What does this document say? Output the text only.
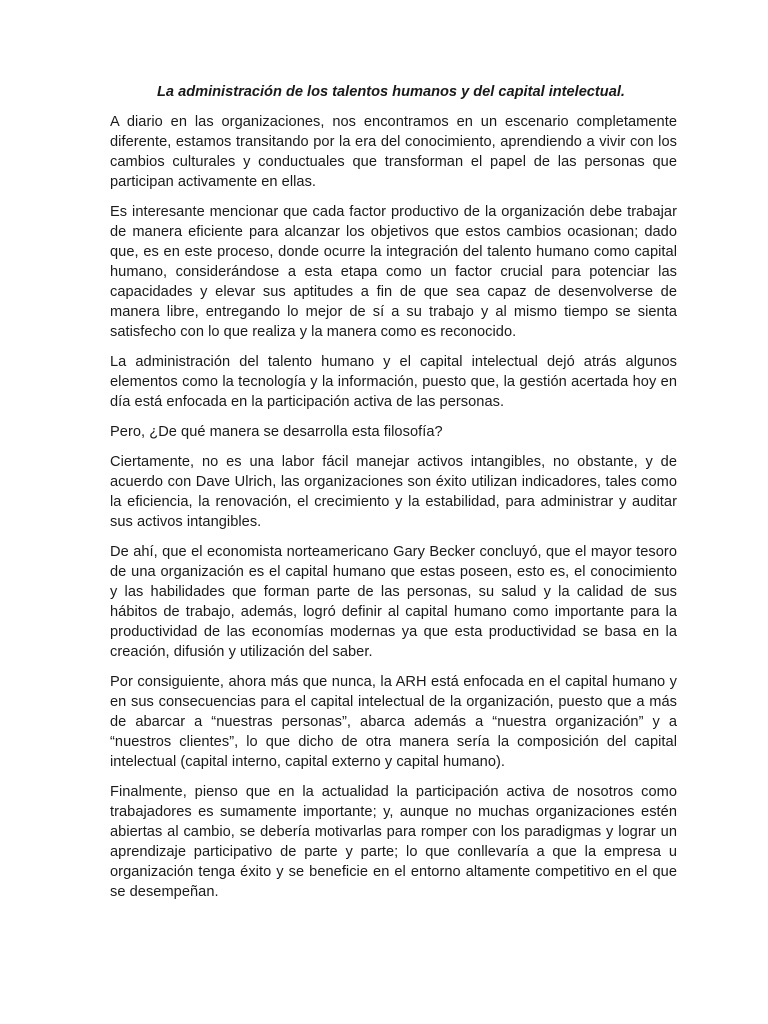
La administración de los talentos humanos y del capital intelectual.

A diario en las organizaciones, nos encontramos en un escenario completamente diferente, estamos transitando por la era del conocimiento, aprendiendo a vivir con los cambios culturales y conductuales que transforman el papel de las personas que participan activamente en ellas.

Es interesante mencionar que cada factor productivo de la organización debe trabajar de manera eficiente para alcanzar los objetivos que estos cambios ocasionan; dado que, es en este proceso, donde ocurre la integración del talento humano como capital humano, considerándose a esta etapa como un factor crucial para potenciar las capacidades y elevar sus aptitudes a fin de que sea capaz de desenvolverse de manera libre, entregando lo mejor de sí a su trabajo y al mismo tiempo se sienta satisfecho con lo que realiza y la manera como es reconocido.

La administración del talento humano y el capital intelectual dejó atrás algunos elementos como la tecnología y la información, puesto que, la gestión acertada hoy en día está enfocada en la participación activa de las personas.

Pero, ¿De qué manera se desarrolla esta filosofía?

Ciertamente, no es una labor fácil manejar activos intangibles, no obstante, y de acuerdo con Dave Ulrich, las organizaciones son éxito utilizan indicadores, tales como la eficiencia, la renovación, el crecimiento y la estabilidad, para administrar y auditar sus activos intangibles.

De ahí, que el economista norteamericano Gary Becker concluyó, que el mayor tesoro de una organización es el capital humano que estas poseen, esto es, el conocimiento y las habilidades que forman parte de las personas, su salud y la calidad de sus hábitos de trabajo, además, logró definir al capital humano como importante para la productividad de las economías modernas ya que esta productividad se basa en la creación, difusión y utilización del saber.

Por consiguiente, ahora más que nunca, la ARH está enfocada en el capital humano y en sus consecuencias para el capital intelectual de la organización, puesto que a más de abarcar a “nuestras personas”, abarca además a “nuestra organización” y a “nuestros clientes”, lo que dicho de otra manera sería la composición del capital intelectual (capital interno, capital externo y capital humano).

Finalmente, pienso que en la actualidad la participación activa de nosotros como trabajadores es sumamente importante; y, aunque no muchas organizaciones estén abiertas al cambio, se debería motivarlas para romper con los paradigmas y lograr un aprendizaje participativo de parte y parte; lo que conllevaría a que la empresa u organización tenga éxito y se beneficie en el entorno altamente competitivo en el que se desempeñan.
